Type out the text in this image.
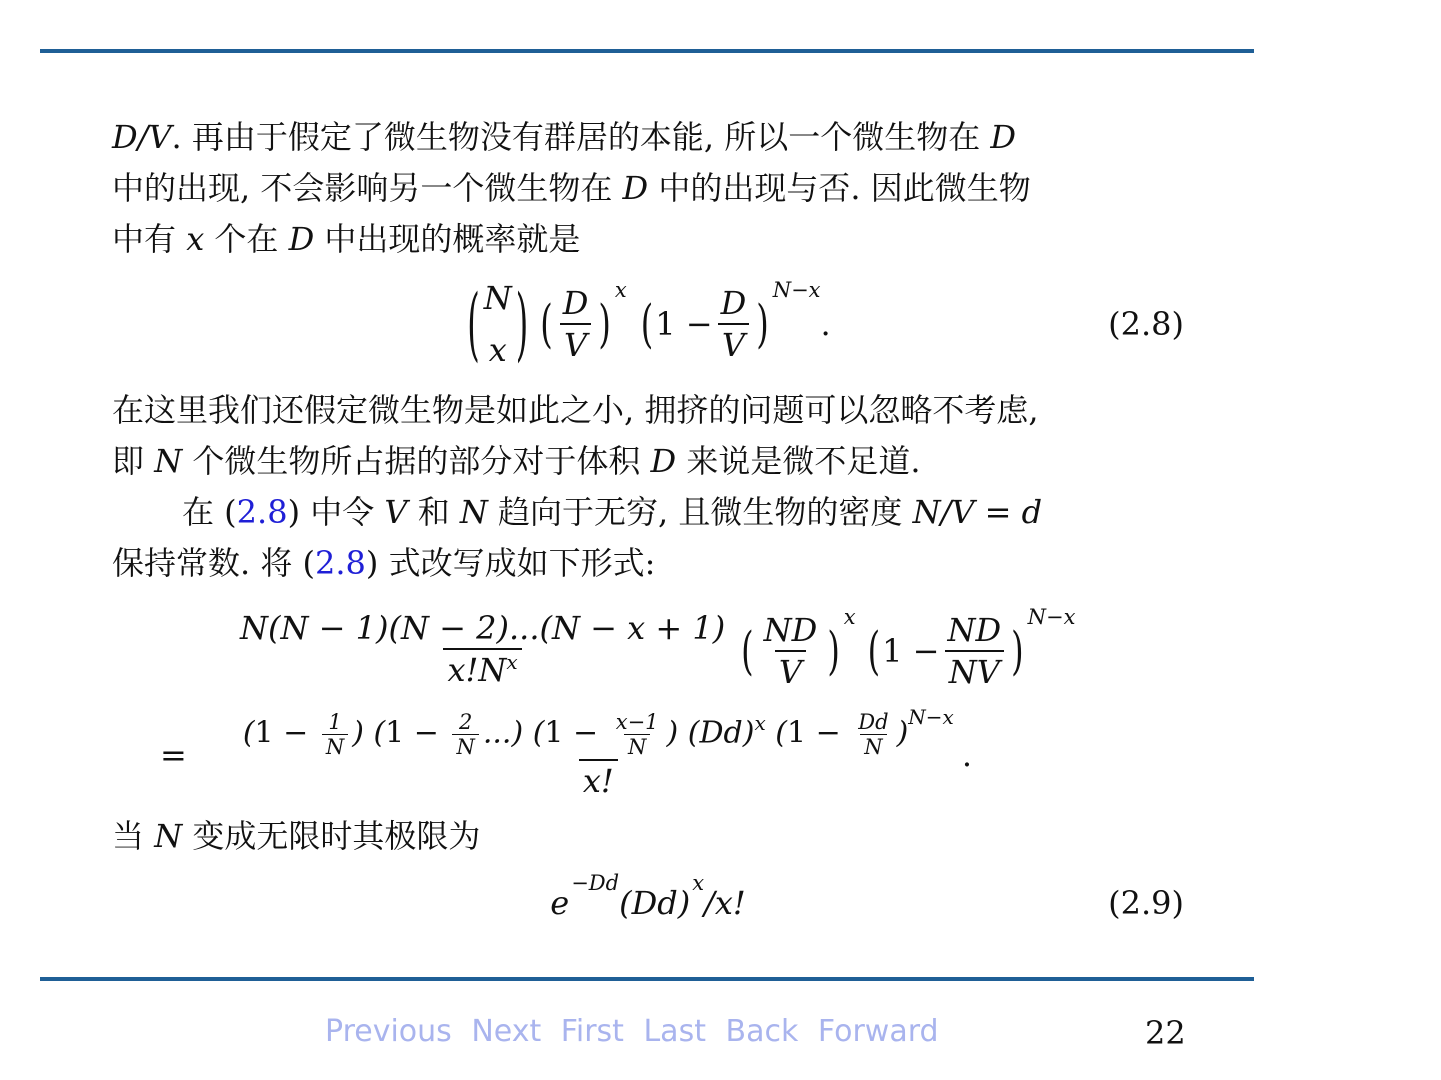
D/V. 再由于假定了微生物没有群居的本能, 所以一个微生物在 D
中的出现, 不会影响另一个微生物在 D 中的出现与否. 因此微生物
中有 x 个在 D 中出现的概率就是

( N
x ) ( $\frac{D}{V}$ )
x
( $1 - \frac{D}{V}$ )
N−x
.	(2.8)

在这里我们还假定微生物是如此之小, 拥挤的问题可以忽略不考虑,
即 N 个微生物所占据的部分对于体积 D 来说是微不足道.

在 (2.8) 中令 V 和 N 趋向于无穷, 且微生物的密度 N/V = d
保持常数. 将 (2.8) 式改写成如下形式:

$\frac{N(N - 1)(N - 2)...(N - x + 1)}{x!N^x}$ ( $\frac{ND}{V}$ )
x
( $1 - \frac{ND}{NV}$ )
N−x
= $\frac{(1 - \frac{1}{N} ) (1 - \frac{2}{N} ...) (1 - \frac{x-1}{N} ) (Dd)^x (1 - \frac{Dd}{N} )^{N-x}}{x!}$ .

当 N 变成无限时其极限为

e
−Dd
(Dd)
x
/x!	(2.9)
Previous Next First Last Back Forward	22
